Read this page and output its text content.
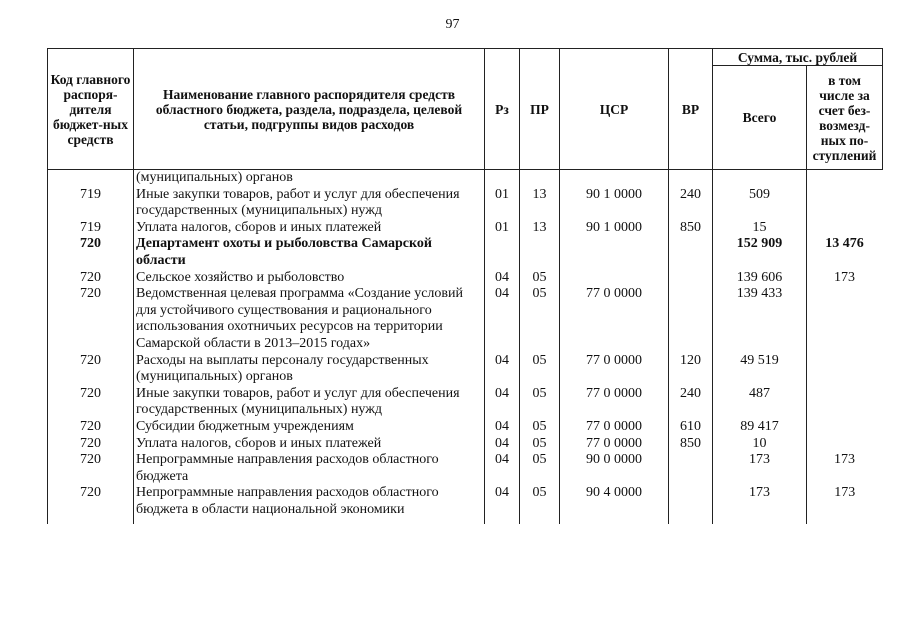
97
Код главного распоря-дителя бюджет-ных средств	Наименование главного распорядителя средств областного бюджета, раздела, подраздела, целевой статьи, подгруппы видов расходов	Рз	ПР	ЦСР	ВР	Сумма, тыс. рублей	
						Всего	в том числе за счет без-возмезд-ных по-ступлений
	(муниципальных) органов						
719	Иные закупки товаров, работ и услуг для обеспечения государственных (муниципальных) нужд	01	13	90 1 0000	240	509	
719	Уплата налогов, сборов и иных платежей	01	13	90 1 0000	850	15	
720	Департамент охоты и рыболовства Самарской области					152 909	13 476
720	Сельское хозяйство и рыболовство	04	05			139 606	173
720	Ведомственная целевая программа «Создание условий для устойчивого существования и рационального использования охотничьих ресурсов на территории Самарской области в 2013–2015 годах»	04	05	77 0 0000		139 433	
720	Расходы на выплаты персоналу государственных (муниципальных) органов	04	05	77 0 0000	120	49 519	
720	Иные закупки товаров, работ и услуг для обеспечения государственных (муниципальных) нужд	04	05	77 0 0000	240	487	
720	Субсидии бюджетным учреждениям	04	05	77 0 0000	610	89 417	
720	Уплата налогов, сборов и иных платежей	04	05	77 0 0000	850	10	
720	Непрограммные направления расходов областного бюджета	04	05	90 0 0000		173	173
720	Непрограммные направления расходов областного бюджета в области национальной экономики	04	05	90 4 0000		173	173
